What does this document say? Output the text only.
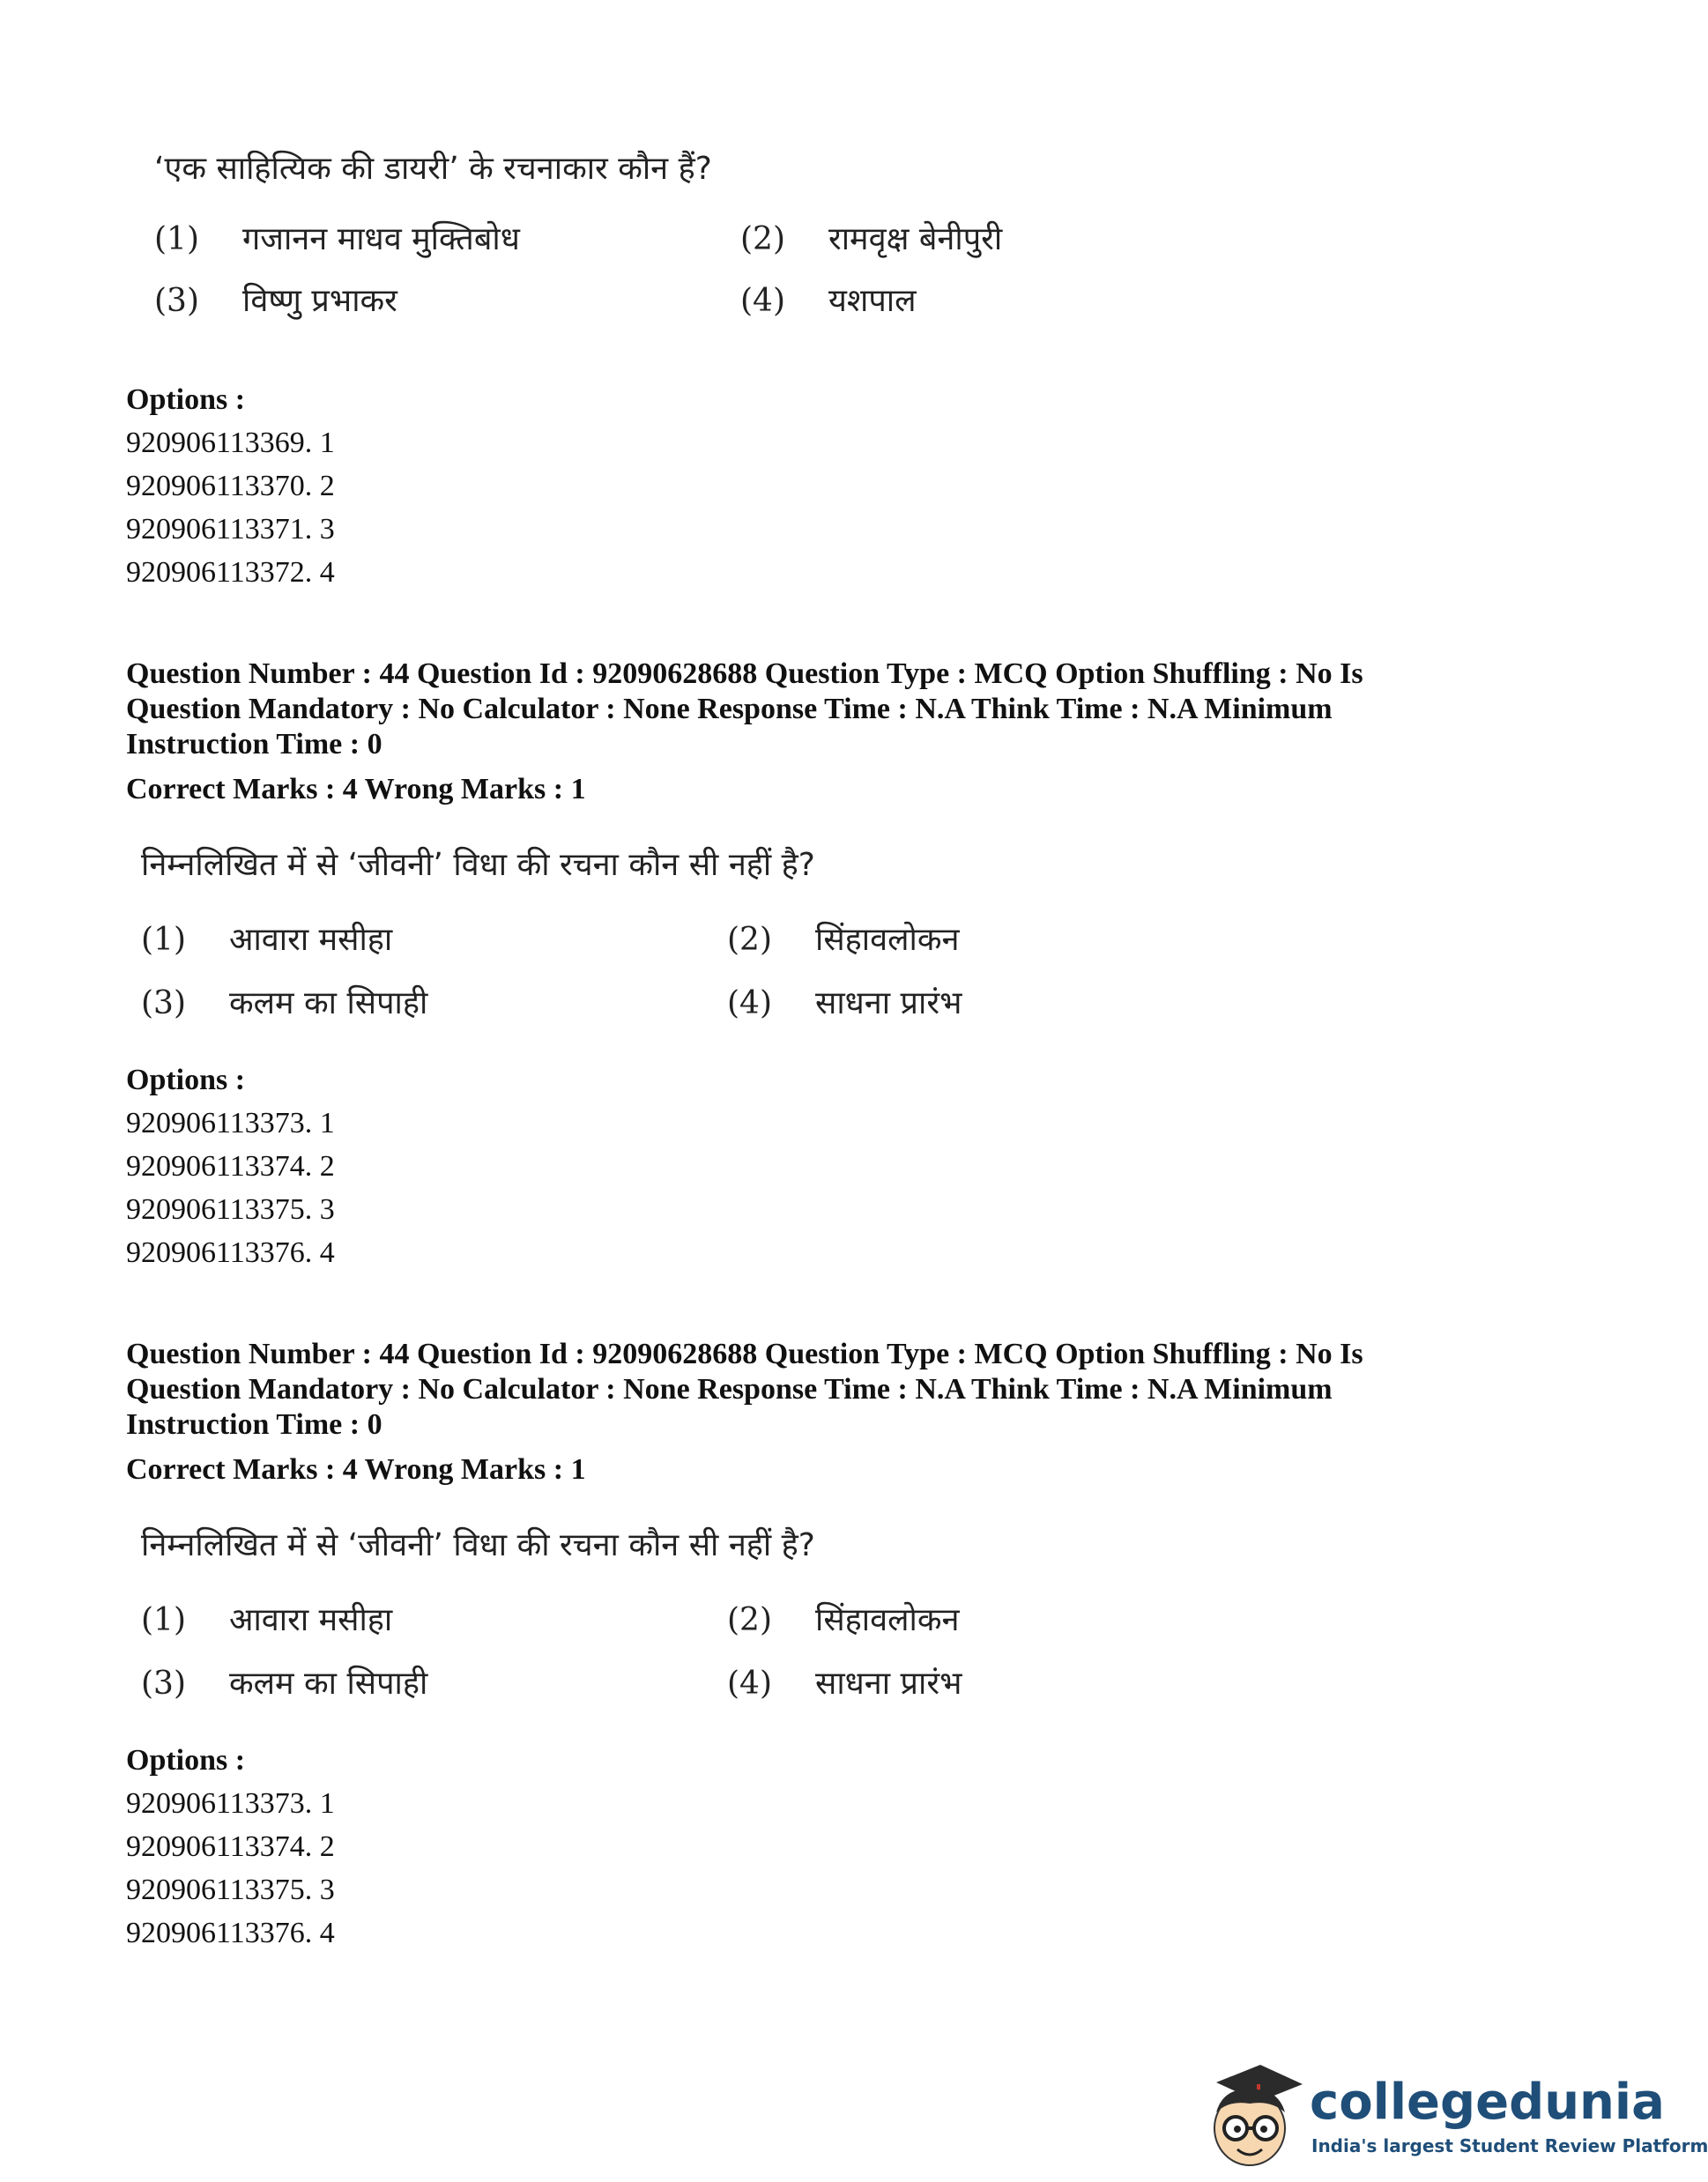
‘एक साहित्यिक की डायरी’ के रचनाकार कौन हैं?
(1) गजानन माधव मुक्तिबोध	(2) रामवृक्ष बेनीपुरी
(3) विष्णु प्रभाकर	(4) यशपाल
Options :
920906113369. 1
920906113370. 2
920906113371. 3
920906113372. 4
Question Number : 44 Question Id : 92090628688 Question Type : MCQ Option Shuffling : No Is
Question Mandatory : No Calculator : None Response Time : N.A Think Time : N.A Minimum
Instruction Time : 0
Correct Marks : 4 Wrong Marks : 1
निम्नलिखित में से ‘जीवनी’ विधा की रचना कौन सी नहीं है?
(1) आवारा मसीहा	(2) सिंहावलोकन
(3) कलम का सिपाही	(4) साधना प्रारंभ
Options :
920906113373. 1
920906113374. 2
920906113375. 3
920906113376. 4
Question Number : 44 Question Id : 92090628688 Question Type : MCQ Option Shuffling : No Is
Question Mandatory : No Calculator : None Response Time : N.A Think Time : N.A Minimum
Instruction Time : 0
Correct Marks : 4 Wrong Marks : 1
निम्नलिखित में से ‘जीवनी’ विधा की रचना कौन सी नहीं है?
(1) आवारा मसीहा	(2) सिंहावलोकन
(3) कलम का सिपाही	(4) साधना प्रारंभ
Options :
920906113373. 1
920906113374. 2
920906113375. 3
920906113376. 4
collegedunia
India's largest Student Review Platform
